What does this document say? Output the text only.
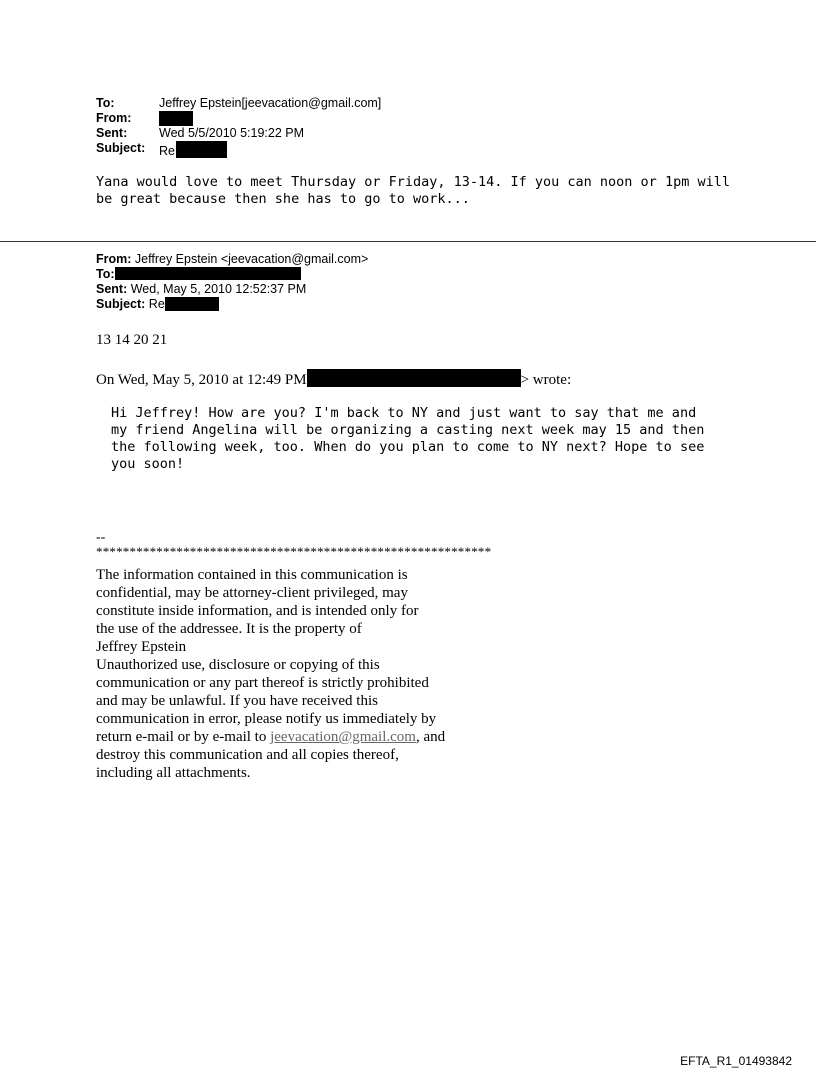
To:	Jeffrey Epstein[jeevacation@gmail.com]
From:
Sent:	Wed 5/5/2010 5:19:22 PM
Subject: Re
Yana would love to meet Thursday or Friday, 13-14. If you can noon or 1pm will be great because then she has to go to work...
From: Jeffrey Epstein <jeevacation@gmail.com>
To:
Sent: Wed, May 5, 2010 12:52:37 PM
Subject: Re
13 14 20 21
On Wed, May 5, 2010 at 12:49 PM	> wrote:
Hi Jeffrey! How are you? I'm back to NY and just want to say that me and my friend Angelina will be organizing a casting next week may 15 and then the following week, too. When do you plan to come to NY next? Hope to see you soon!
--
***********************************************************
The information contained in this communication is
confidential, may be attorney-client privileged, may
constitute inside information, and is intended only for
the use of the addressee. It is the property of
Jeffrey Epstein
Unauthorized use, disclosure or copying of this
communication or any part thereof is strictly prohibited
and may be unlawful. If you have received this
communication in error, please notify us immediately by
return e-mail or by e-mail to jeevacation@gmail.com, and
destroy this communication and all copies thereof,
including all attachments.
EFTA_R1_01493842
